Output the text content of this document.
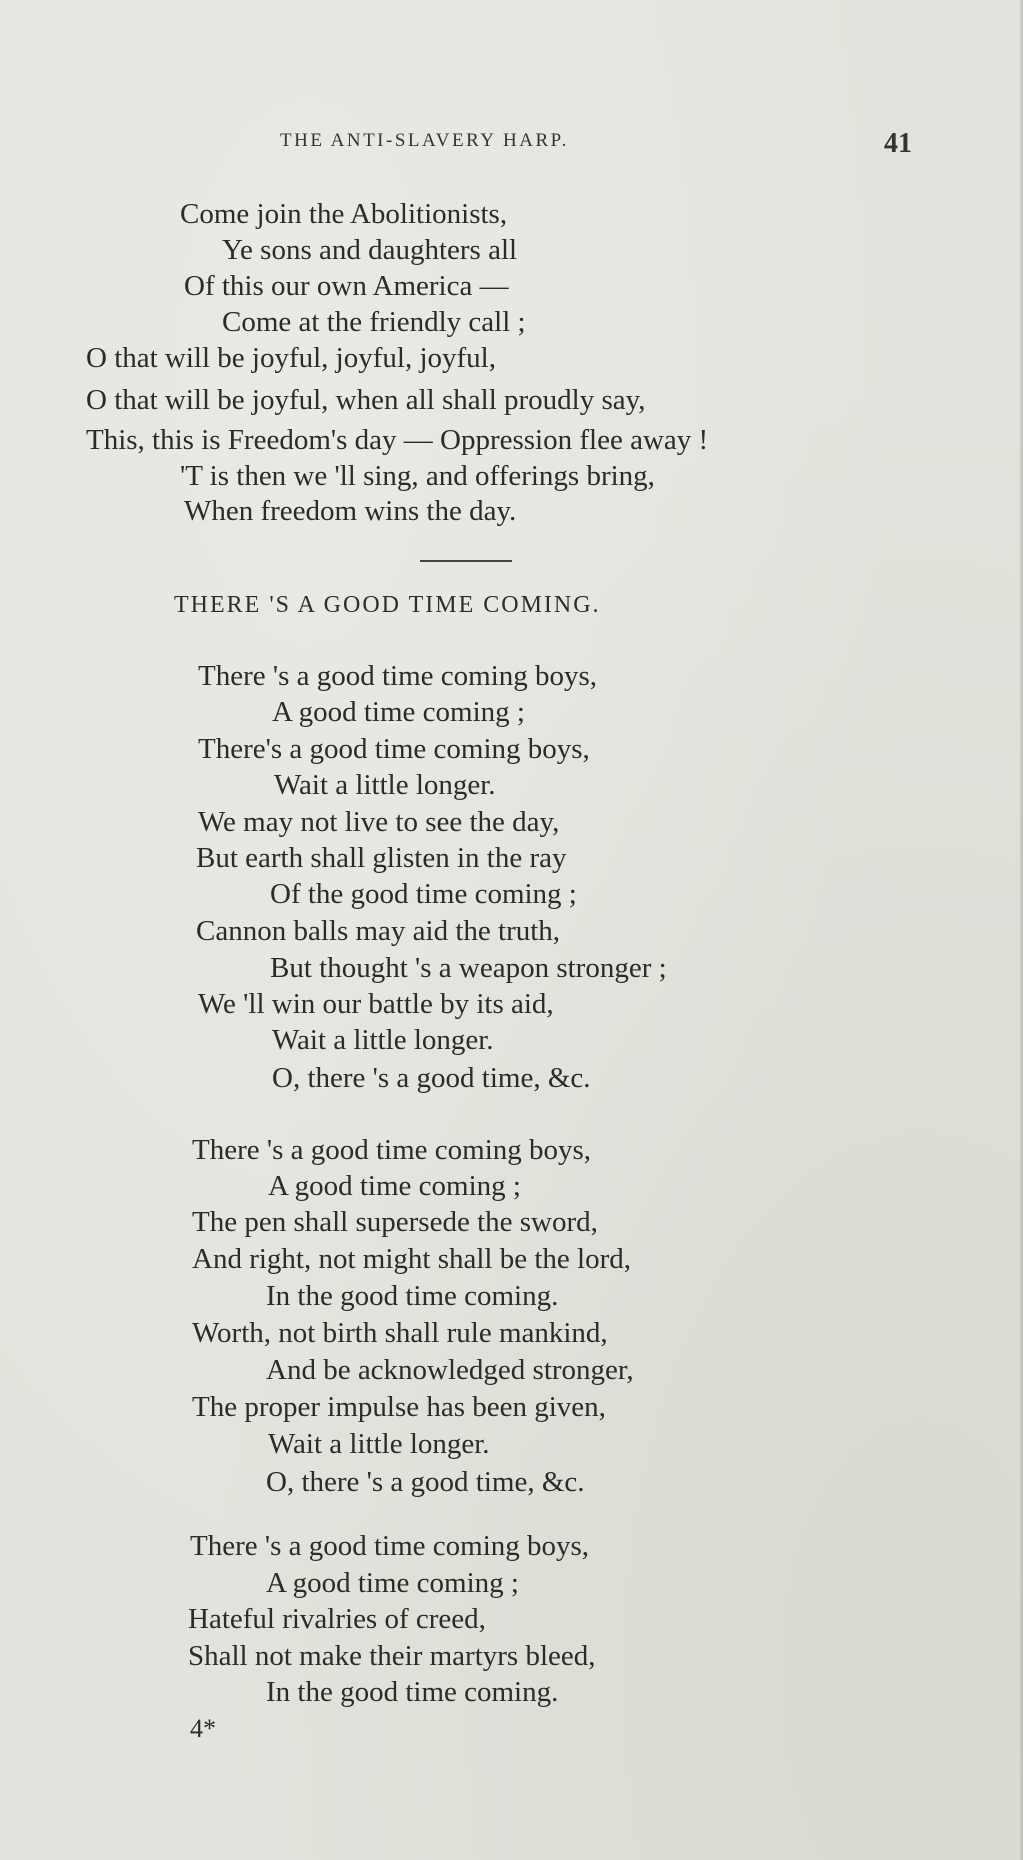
THE ANTI-SLAVERY HARP.	41
Come join the Abolitionists,
Ye sons and daughters all
Of this our own America —
Come at the friendly call ;
O that will be joyful, joyful, joyful,
O that will be joyful, when all shall proudly say,
This, this is Freedom's day — Oppression flee away !
'T is then we 'll sing, and offerings bring,
When freedom wins the day.
THERE 'S A GOOD TIME COMING.
There 's a good time coming boys,
A good time coming ;
There's a good time coming boys,
Wait a little longer.
We may not live to see the day,
But earth shall glisten in the ray
Of the good time coming ;
Cannon balls may aid the truth,
But thought 's a weapon stronger ;
We 'll win our battle by its aid,
Wait a little longer.
O, there 's a good time, &c.
There 's a good time coming boys,
A good time coming ;
The pen shall supersede the sword,
And right, not might shall be the lord,
In the good time coming.
Worth, not birth shall rule mankind,
And be acknowledged stronger,
The proper impulse has been given,
Wait a little longer.
O, there 's a good time, &c.
There 's a good time coming boys,
A good time coming ;
Hateful rivalries of creed,
Shall not make their martyrs bleed,
In the good time coming.
4*
